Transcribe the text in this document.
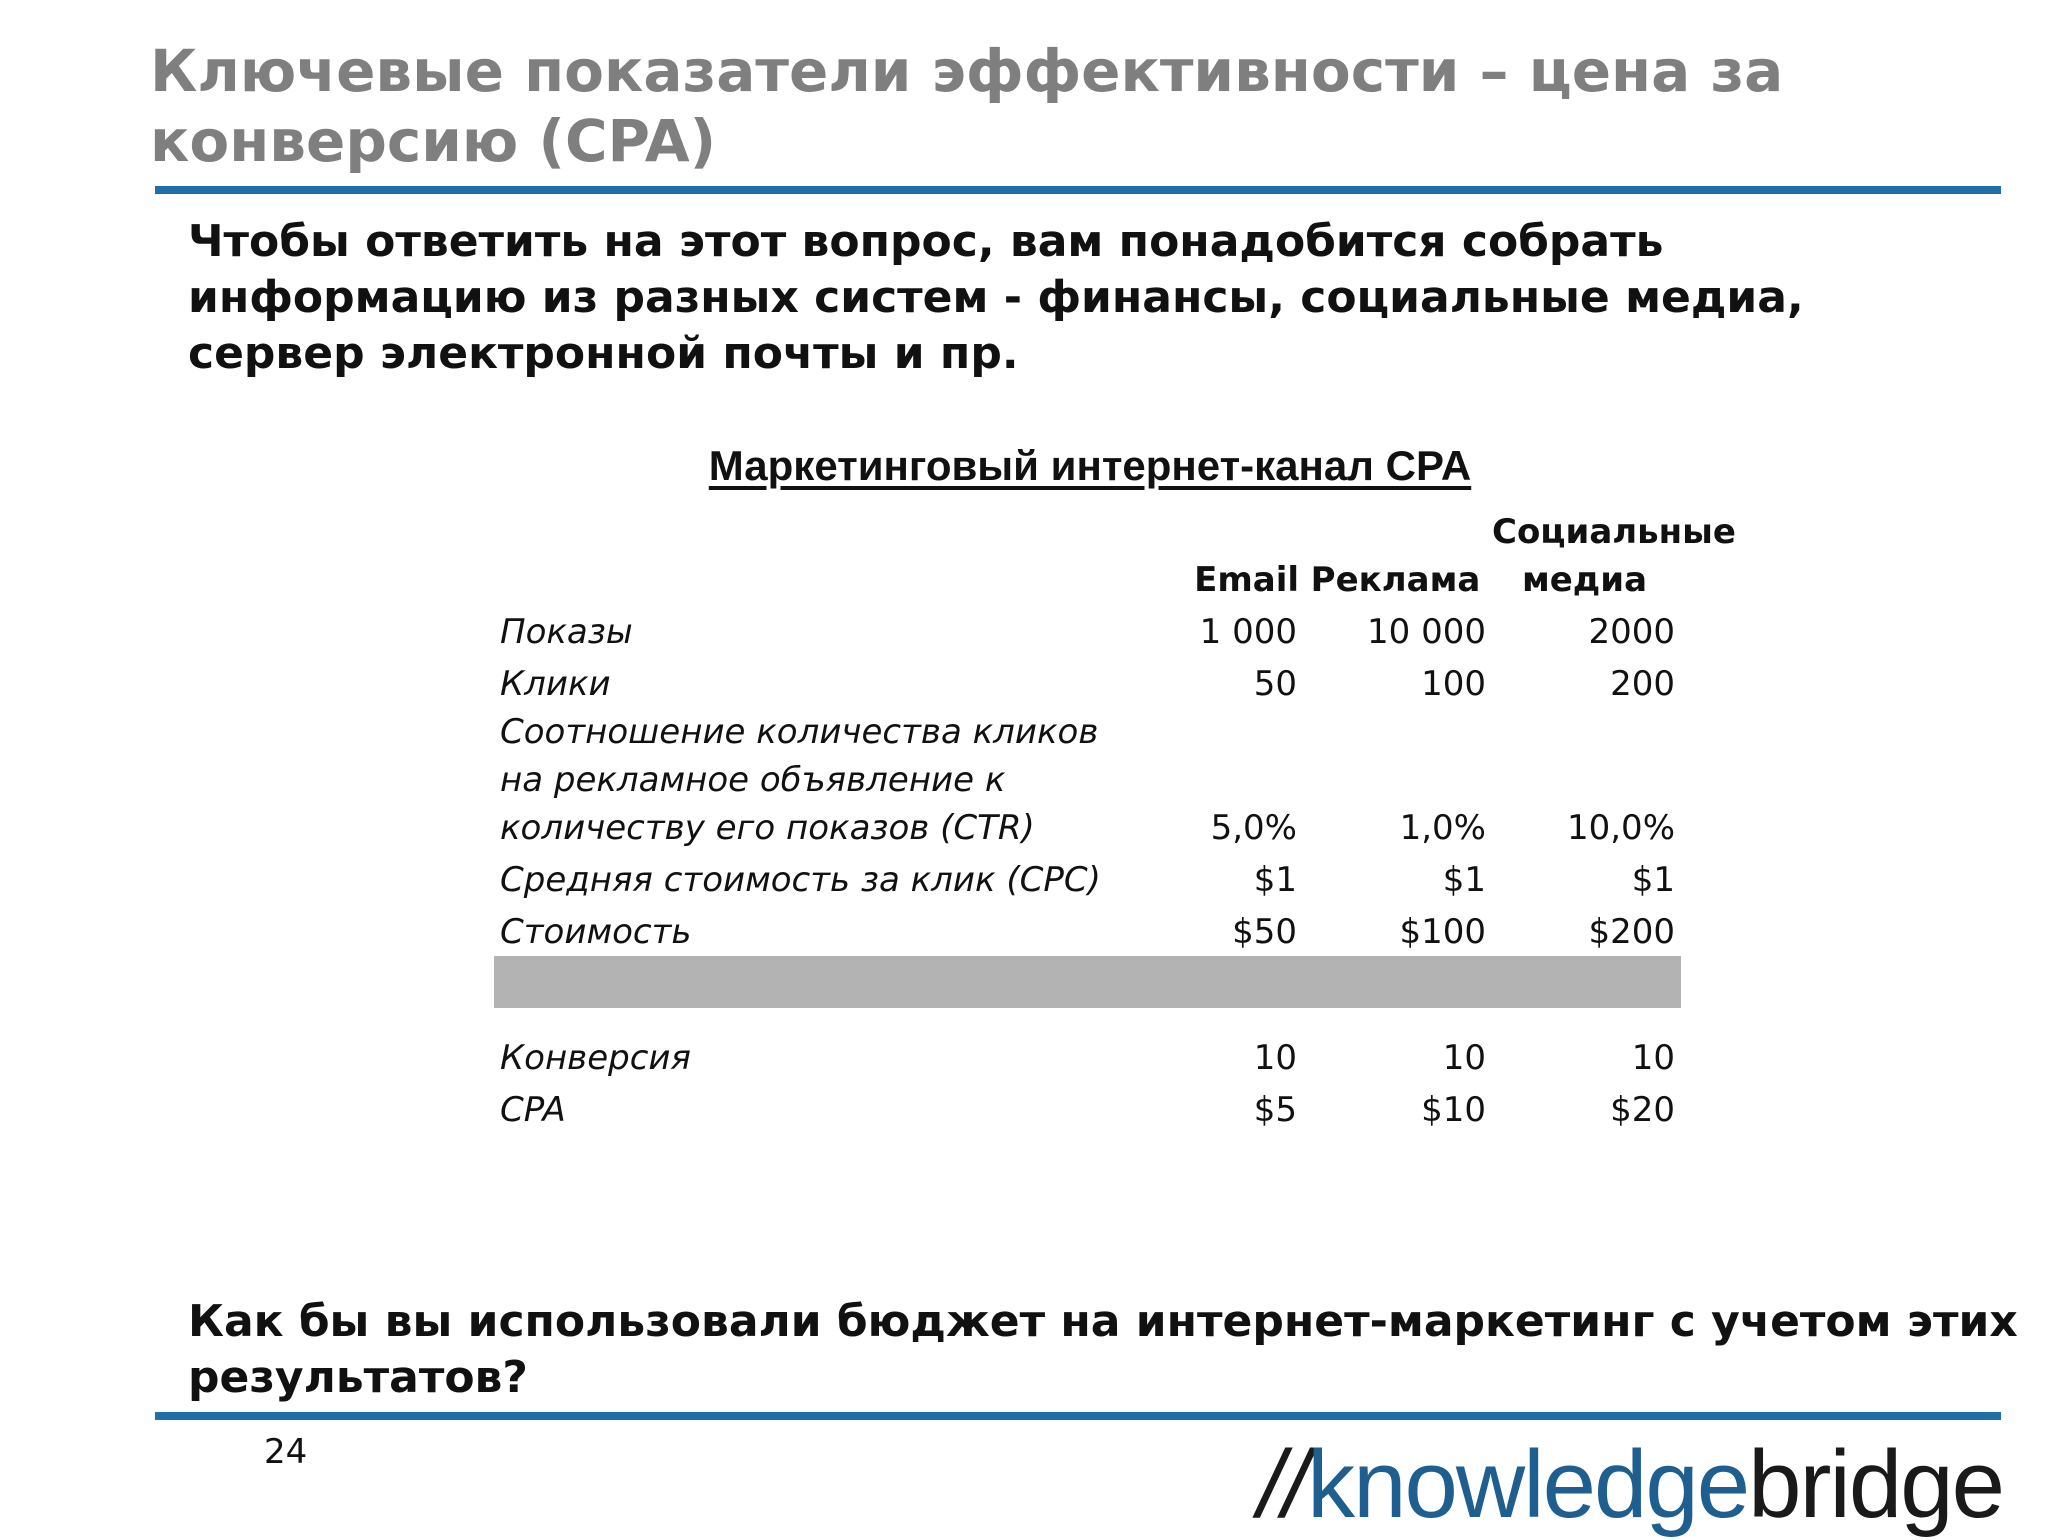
Ключевые показатели эффективности – цена за конверсию (CPA)

Чтобы ответить на этот вопрос, вам понадобится собрать информацию из разных систем - финансы, социальные медиа, сервер электронной почты и пр.

Маркетинговый интернет-канал CPA
	Email	Реклама	Социальные медиа
Показы	1 000	10 000	2000
Клики	50	100	200
Соотношение количества кликов на рекламное объявление к количеству его показов (CTR)	5,0%	1,0%	10,0%
Средняя стоимость за клик (CPC)	$1	$1	$1
Стоимость	$50	$100	$200

Конверсия	10	10	10
CPA	$5	$10	$20

Как бы вы использовали бюджет на интернет-маркетинг с учетом этих результатов?

24	//knowledgebridge
